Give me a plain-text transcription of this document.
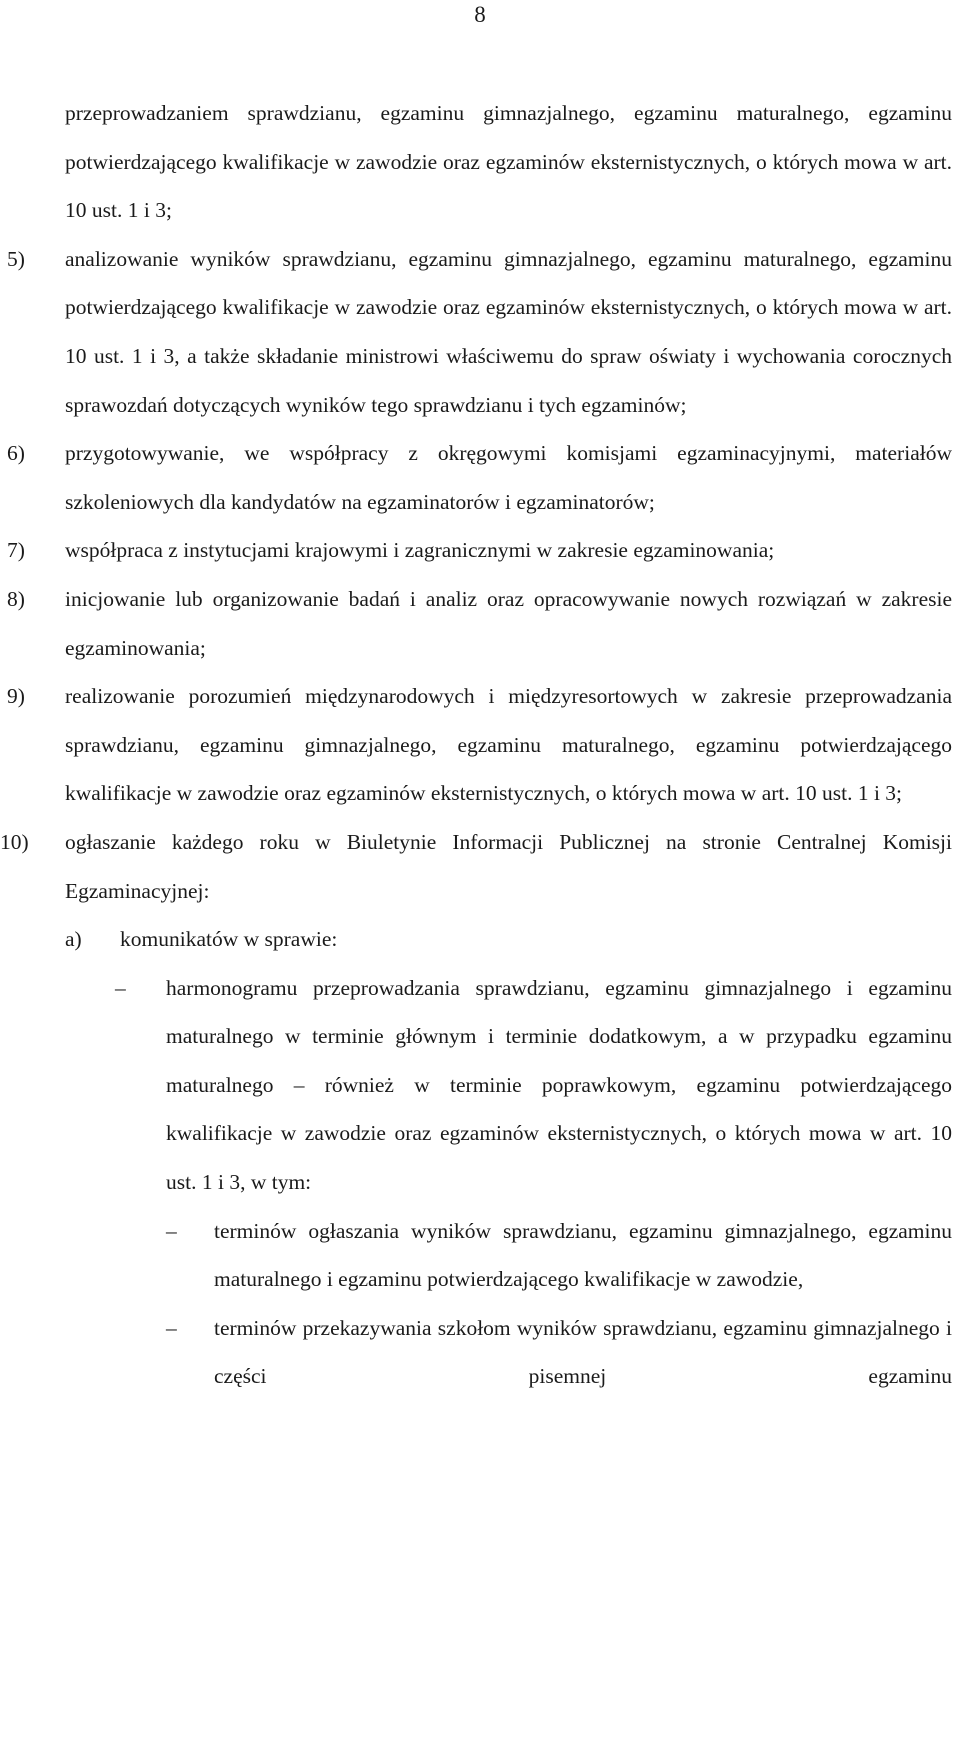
8
przeprowadzaniem sprawdzianu, egzaminu gimnazjalnego, egzaminu maturalnego, egzaminu potwierdzającego kwalifikacje w zawodzie oraz egzaminów eksternistycznych, o których mowa w art. 10 ust. 1 i 3;
5) analizowanie wyników sprawdzianu, egzaminu gimnazjalnego, egzaminu maturalnego, egzaminu potwierdzającego kwalifikacje w zawodzie oraz egzaminów eksternistycznych, o których mowa w art. 10 ust. 1 i 3, a także składanie ministrowi właściwemu do spraw oświaty i wychowania corocznych sprawozdań dotyczących wyników tego sprawdzianu i tych egzaminów;
6) przygotowywanie, we współpracy z okręgowymi komisjami egzaminacyjnymi, materiałów szkoleniowych dla kandydatów na egzaminatorów i egzaminatorów;
7) współpraca z instytucjami krajowymi i zagranicznymi w zakresie egzaminowania;
8) inicjowanie lub organizowanie badań i analiz oraz opracowywanie nowych rozwiązań w zakresie egzaminowania;
9) realizowanie porozumień międzynarodowych i międzyresortowych w zakresie przeprowadzania sprawdzianu, egzaminu gimnazjalnego, egzaminu maturalnego, egzaminu potwierdzającego kwalifikacje w zawodzie oraz egzaminów eksternistycznych, o których mowa w art. 10 ust. 1 i 3;
10) ogłaszanie każdego roku w Biuletynie Informacji Publicznej na stronie Centralnej Komisji Egzaminacyjnej:
a) komunikatów w sprawie:
– harmonogramu przeprowadzania sprawdzianu, egzaminu gimnazjalnego i egzaminu maturalnego w terminie głównym i terminie dodatkowym, a w przypadku egzaminu maturalnego – również w terminie poprawkowym, egzaminu potwierdzającego kwalifikacje w zawodzie oraz egzaminów eksternistycznych, o których mowa w art. 10 ust. 1 i 3, w tym:
– terminów ogłaszania wyników sprawdzianu, egzaminu gimnazjalnego, egzaminu maturalnego i egzaminu potwierdzającego kwalifikacje w zawodzie,
– terminów przekazywania szkołom wyników sprawdzianu, egzaminu gimnazjalnego i części pisemnej egzaminu
